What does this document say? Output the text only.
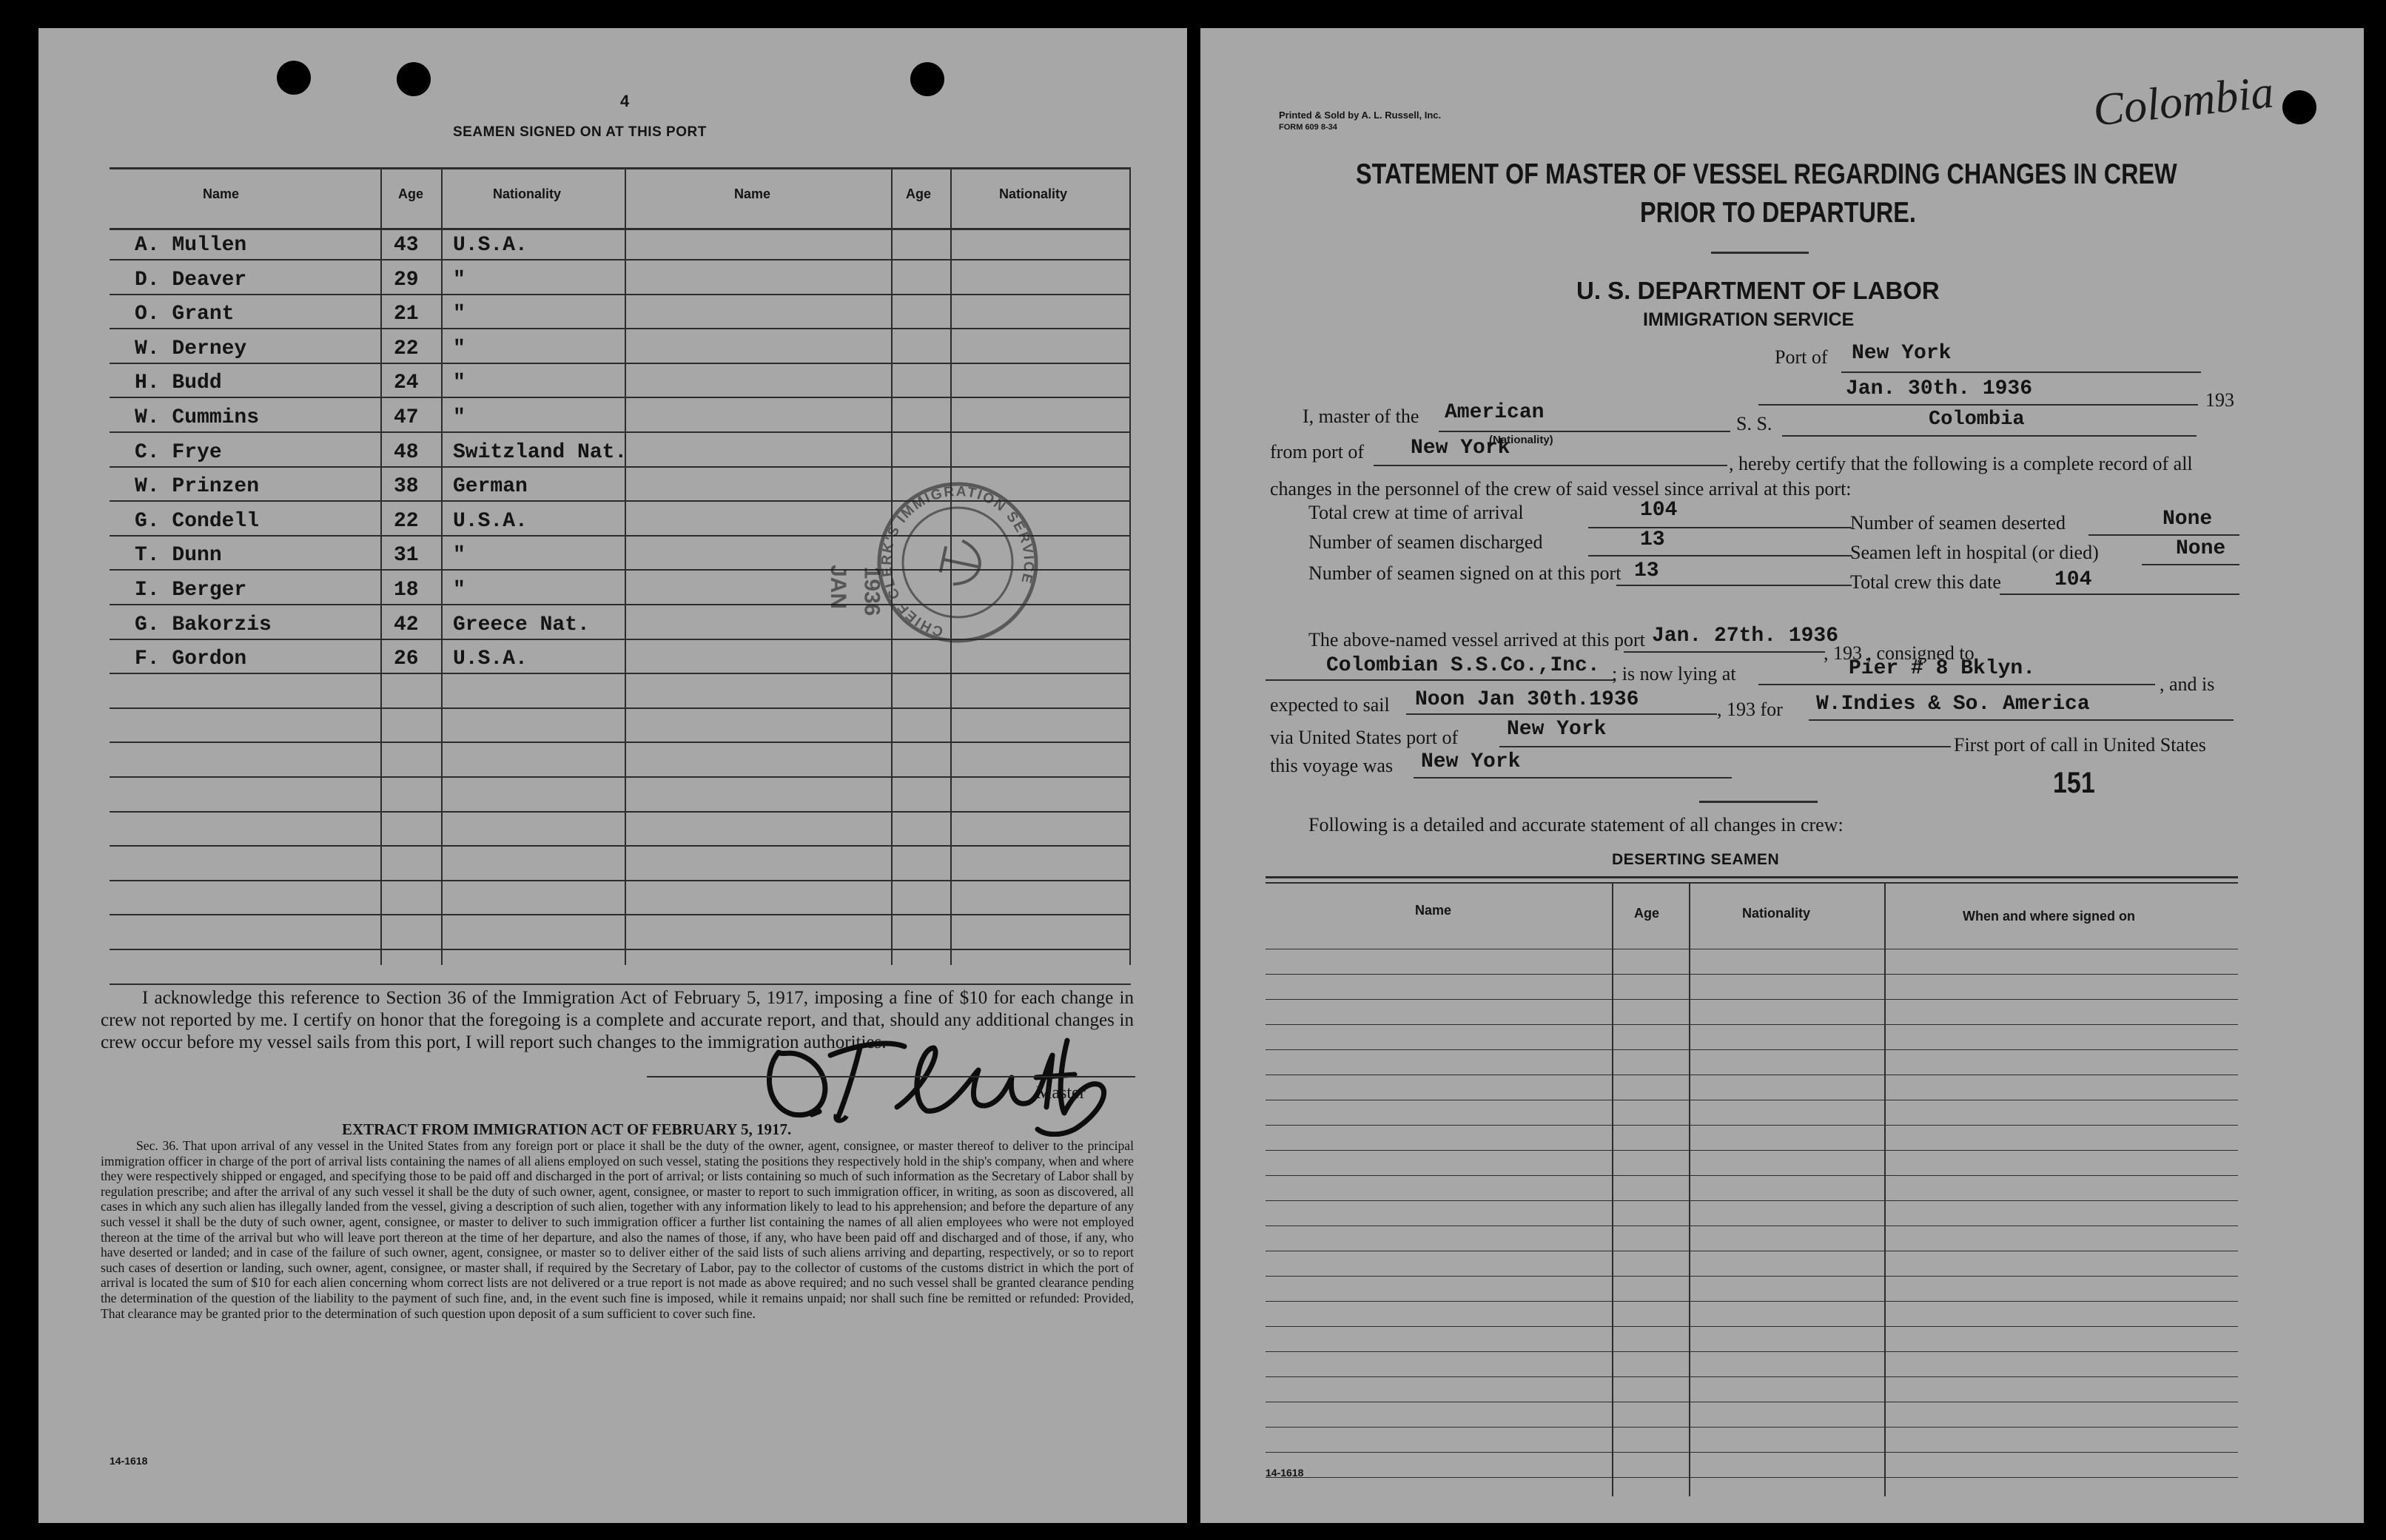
4
SEAMEN SIGNED ON AT THIS PORT
Name	Age	Nationality	Name	Age	Nationality
A. Mullen	43 U.S.A.
D. Deaver	29 "
O. Grant	21 "
W. Derney	22 "
H. Budd	24 "
W. Cummins	47 "
C. Frye	48 Switzland Nat.
W. Prinzen	38 German
G. Condell	22 U.S.A.
T. Dunn	31 "
I. Berger	18 "
G. Bakorzis	42 Greece Nat.
F. Gordon	26 U.S.A.
I acknowledge this reference to Section 36 of the Immigration Act of February 5, 1917, imposing a fine of $10 for each change in crew not reported by me. I certify on honor that the foregoing is a complete and accurate report, and that, should any additional changes in crew occur before my vessel sails from this port, I will report such changes to the immigration authorities.
Master
EXTRACT FROM IMMIGRATION ACT OF FEBRUARY 5, 1917.
Sec. 36. That upon arrival of any vessel in the United States from any foreign port or place it shall be the duty of the owner, agent, consignee, or master thereof to deliver to the principal immigration officer in charge of the port of arrival lists containing the names of all aliens employed on such vessel, stating the positions they respectively hold in the ship's company, when and where they were respectively shipped or engaged, and specifying those to be paid off and discharged in the port of arrival; or lists containing so much of such information as the Secretary of Labor shall by regulation prescribe; and after the arrival of any such vessel it shall be the duty of such owner, agent, consignee, or master to report to such immigration officer, in writing, as soon as discovered, all cases in which any such alien has illegally landed from the vessel, giving a description of such alien, together with any information likely to lead to his apprehension; and before the departure of any such vessel it shall be the duty of such owner, agent, consignee, or master to deliver to such immigration officer a further list containing the names of all alien employees who were not employed thereon at the time of the arrival but who will leave port thereon at the time of her departure, and also the names of those, if any, who have been paid off and discharged and of those, if any, who have deserted or landed; and in case of the failure of such owner, agent, consignee, or master so to deliver either of the said lists of such aliens arriving and departing, respectively, or so to report such cases of desertion or landing, such owner, agent, consignee, or master shall, if required by the Secretary of Labor, pay to the collector of customs of the customs district in which the port of arrival is located the sum of $10 for each alien concerning whom correct lists are not delivered or a true report is not made as above required; and no such vessel shall be granted clearance pending the determination of the question of the liability to the payment of such fine, and, in the event such fine is imposed, while it remains unpaid; nor shall such fine be remitted or refunded: Provided, That clearance may be granted prior to the determination of such question upon deposit of a sum sufficient to cover such fine.
14-1618
CHIEF CLERK'S IMMIGRATION SERVICE
JAN 1936
Printed & Sold by A. L. Russell, Inc.
FORM 609 8-34	Colombia
STATEMENT OF MASTER OF VESSEL REGARDING CHANGES IN CREW
PRIOR TO DEPARTURE.
U. S. DEPARTMENT OF LABOR
IMMIGRATION SERVICE
Port of New York
Jan. 30th. 1936	193
I, master of the American
(Nationality)
S. S.	Colombia
from port of New York
, hereby certify that the following is a complete record of all
changes in the personnel of the crew of said vessel since arrival at this port:
Total crew at time of arrival	104
Number of seamen discharged	13
Number of seamen signed on at this port 13
Number of seamen deserted	None
Seamen left in hospital (or died)	None
Total crew this date	104
The above-named vessel arrived at this port Jan. 27th. 1936
, 193 , consigned to
Colombian S.S.Co.,Inc. ; is now lying at	Pier # 8 Bklyn.
, and is
expected to sail Noon Jan 30th.1936	, 193 for W.Indies & So. America
via United States port of New York
First port of call in United States
this voyage was New York
151
Following is a detailed and accurate statement of all changes in crew:
DESERTING SEAMEN
Name	Age	Nationality	When and where signed on
14-1618
